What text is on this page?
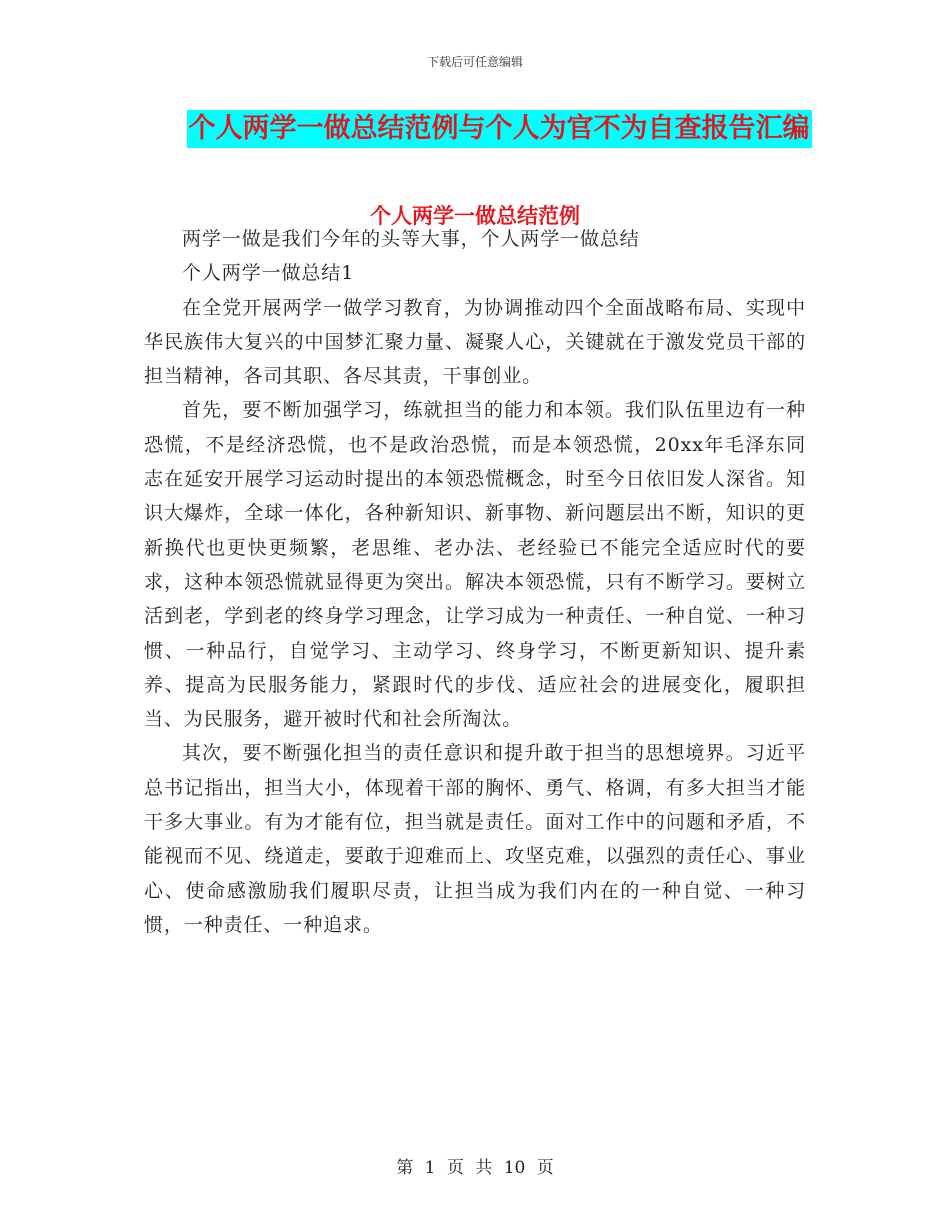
下载后可任意编辑
个人两学一做总结范例与个人为官不为自查报告汇编
个人两学一做总结范例

两学一做是我们今年的头等大事，个人两学一做总结

个人两学一做总结1

在全党开展两学一做学习教育，为协调推动四个全面战略布局、实现中华民族伟大复兴的中国梦汇聚力量、凝聚人心，关键就在于激发党员干部的担当精神，各司其职、各尽其责，干事创业。

首先，要不断加强学习，练就担当的能力和本领。我们队伍里边有一种恐慌，不是经济恐慌，也不是政治恐慌，而是本领恐慌，20xx年毛泽东同志在延安开展学习运动时提出的本领恐慌概念，时至今日依旧发人深省。知识大爆炸，全球一体化，各种新知识、新事物、新问题层出不断，知识的更新换代也更快更频繁，老思维、老办法、老经验已不能完全适应时代的要求，这种本领恐慌就显得更为突出。解决本领恐慌，只有不断学习。要树立活到老，学到老的终身学习理念，让学习成为一种责任、一种自觉、一种习惯、一种品行，自觉学习、主动学习、终身学习，不断更新知识、提升素养、提高为民服务能力，紧跟时代的步伐、适应社会的进展变化，履职担当、为民服务，避开被时代和社会所淘汰。

其次，要不断强化担当的责任意识和提升敢于担当的思想境界。习近平总书记指出，担当大小，体现着干部的胸怀、勇气、格调，有多大担当才能干多大事业。有为才能有位，担当就是责任。面对工作中的问题和矛盾，不能视而不见、绕道走，要敢于迎难而上、攻坚克难，以强烈的责任心、事业心、使命感激励我们履职尽责，让担当成为我们内在的一种自觉、一种习惯，一种责任、一种追求。

第 1 页 共 10 页
